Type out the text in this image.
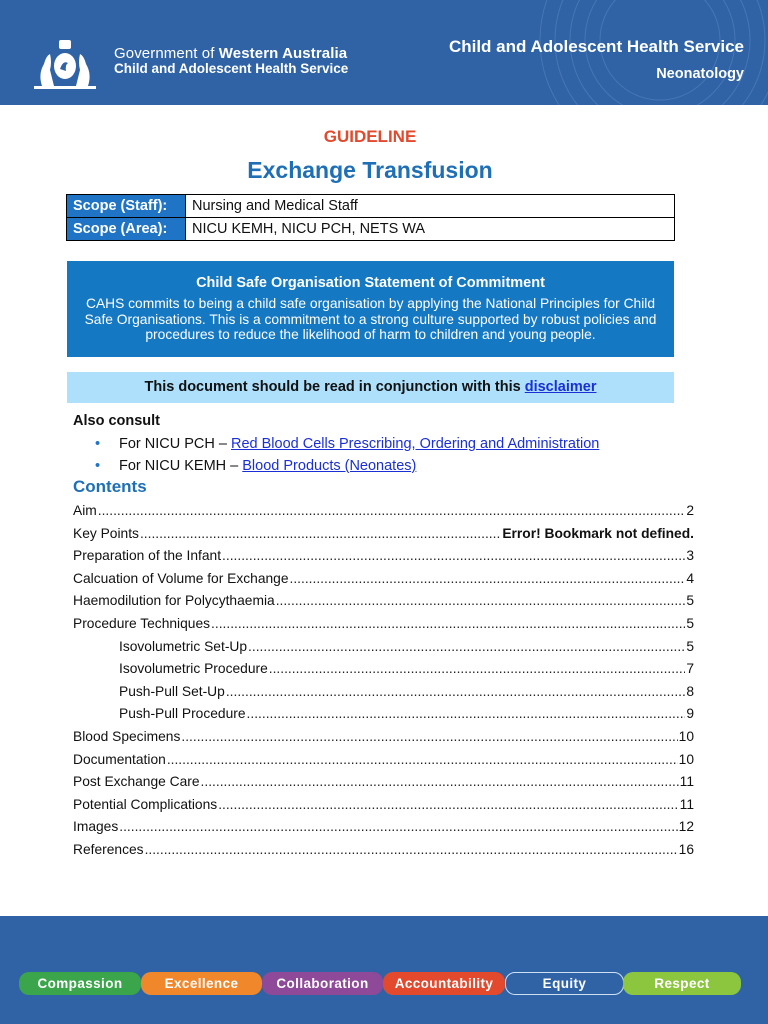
Government of Western Australia
Child and Adolescent Health Service
Child and Adolescent Health Service
Neonatology
GUIDELINE
Exchange Transfusion
Scope (Staff):	Nursing and Medical Staff
Scope (Area):	NICU KEMH, NICU PCH, NETS WA
Child Safe Organisation Statement of Commitment
CAHS commits to being a child safe organisation by applying the National Principles for Child Safe Organisations. This is a commitment to a strong culture supported by robust policies and procedures to reduce the likelihood of harm to children and young people.
This document should be read in conjunction with this disclaimer
Also consult
• For NICU PCH – Red Blood Cells Prescribing, Ordering and Administration
• For NICU KEMH – Blood Products (Neonates)
Contents
Aim .....	2
Key Points .....	Error! Bookmark not defined.
Preparation of the Infant .....	3
Calcuation of Volume for Exchange .....	4
Haemodilution for Polycythaemia .....	5
Procedure Techniques .....	5
Isovolumetric Set-Up .....	5
Isovolumetric Procedure .....	7
Push-Pull Set-Up .....	8
Push-Pull Procedure .....	9
Blood Specimens .....	10
Documentation .....	10
Post Exchange Care .....	11
Potential Complications .....	11
Images .....	12
References .....	16
Compassion	Excellence	Collaboration	Accountability	Equity	Respect
